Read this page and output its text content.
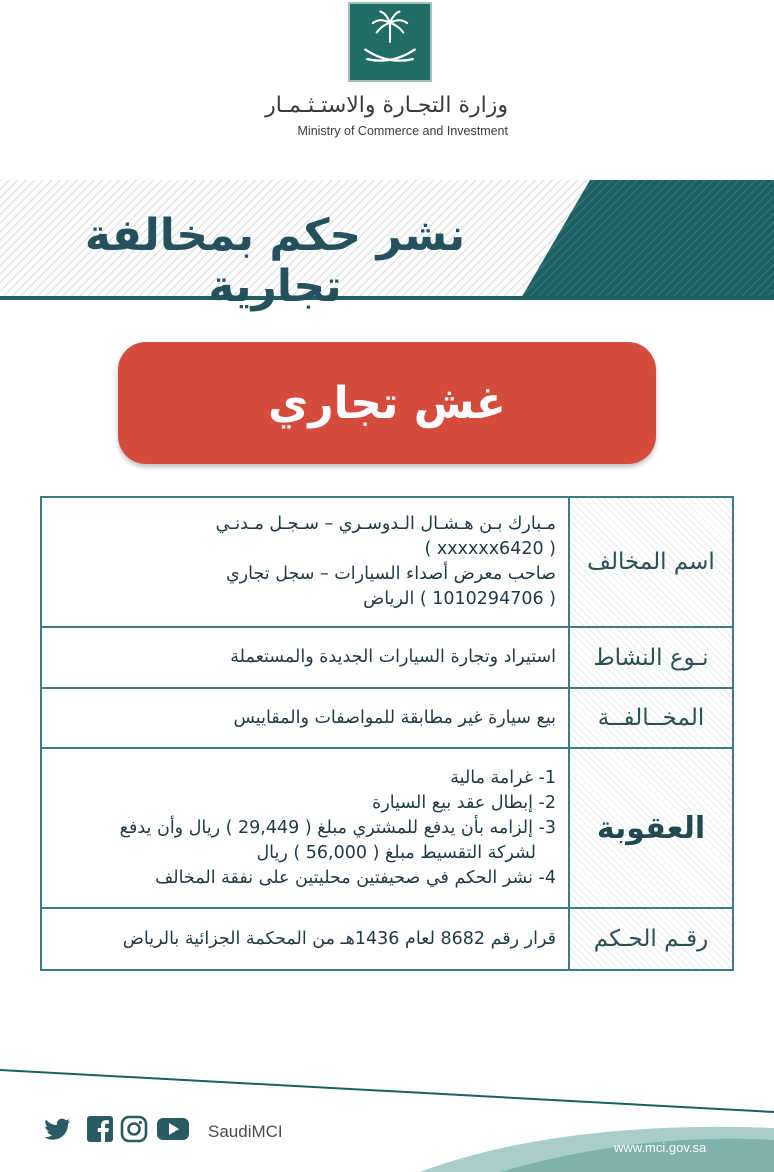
وزارة التجـارة والاستـثـمـار
Ministry of Commerce and Investment
نشر حكم بمخالفة تجارية
غش تجاري
اسم المخالف	مـبارك بـن هـشـال الـدوسـري – سـجـل مـدنـي
( xxxxxx6420 )
صاحب معرض أصداء السيارات – سجل تجاري
( 1010294706 ) الرياض

نـوع النشاط	استيراد وتجارة السيارات الجديدة والمستعملة
المخــالفــة	بيع سيارة غير مطابقة للمواصفات والمقاييس
العقوبة	1- غرامة مالية
2- إبطال عقد بيع السيارة
3- إلزامه بأن يدفع للمشتري مبلغ ( 29,449 ) ريال وأن يدفع
لشركة التقسيط مبلغ ( 56,000 ) ريال
4- نشر الحكم في صحيفتين محليتين على نفقة المخالف

رقـم الحـكم	قرار رقم 8682 لعام 1436هـ من المحكمة الجزائية بالرياض
SaudiMCI
www.mci.gov.sa
